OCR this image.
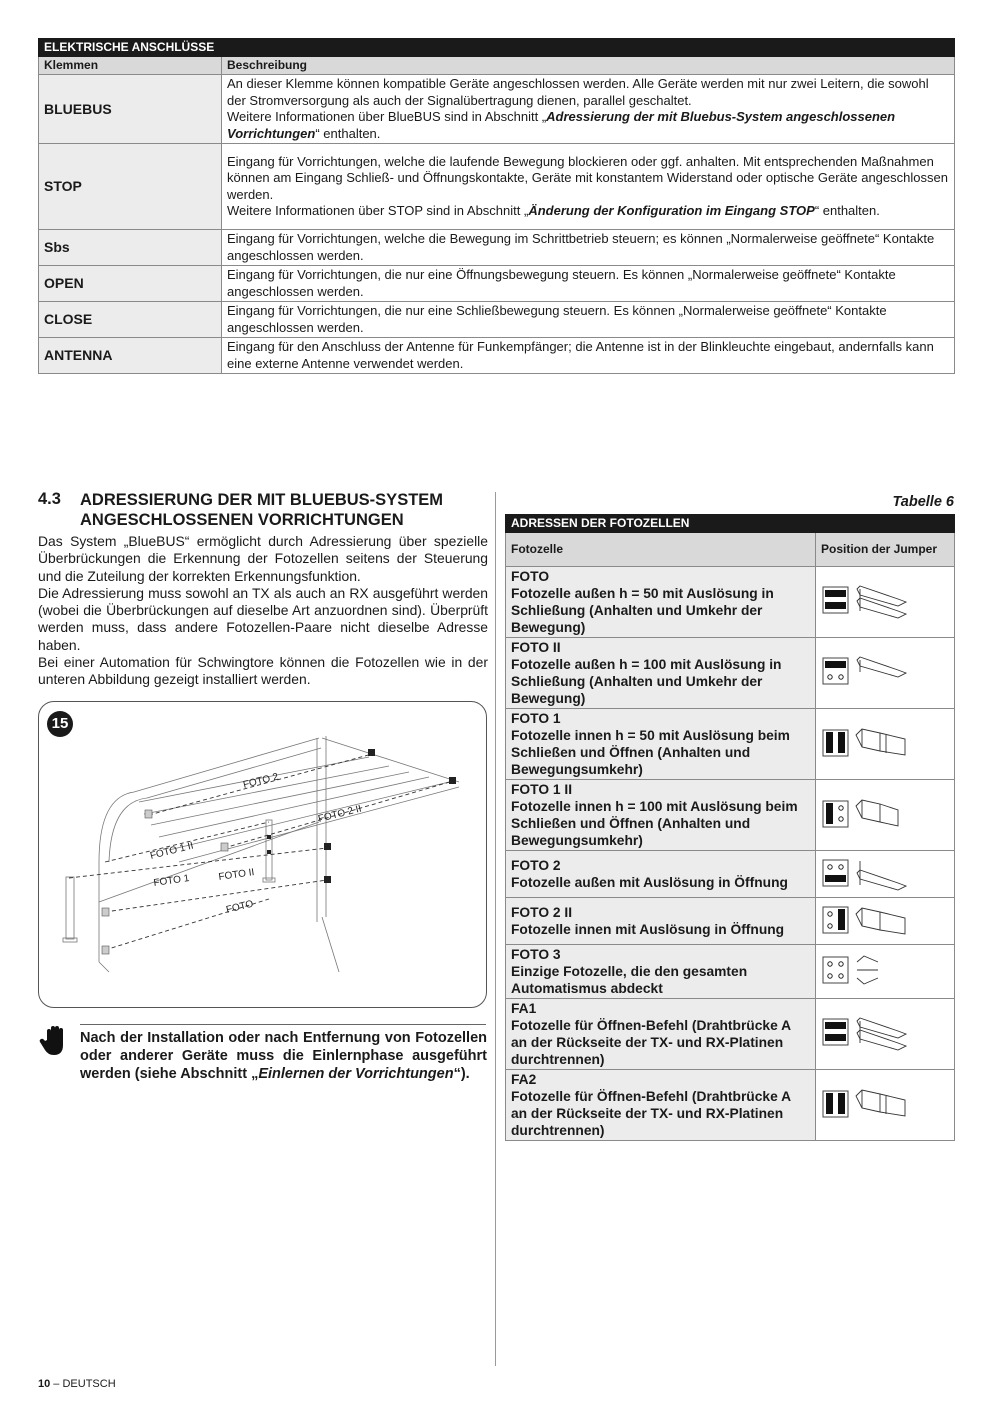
ELEKTRISCHE ANSCHLÜSSE	
Klemmen	Beschreibung
BLUEBUS	An dieser Klemme können kompatible Geräte angeschlossen werden. Alle Geräte werden mit nur zwei Leitern, die sowohl der Stromversorgung als auch der Signalübertragung dienen, parallel geschaltet.
Weitere Informationen über BlueBUS sind in Abschnitt „Adressierung der mit Bluebus-System angeschlossenen Vorrichtungen“ enthalten.
STOP	Eingang für Vorrichtungen, welche die laufende Bewegung blockieren oder ggf. anhalten. Mit entsprechenden Maßnahmen können am Eingang Schließ- und Öffnungskontakte, Geräte mit konstantem Widerstand oder optische Geräte angeschlossen werden.
Weitere Informationen über STOP sind in Abschnitt „Änderung der Konfiguration im Eingang STOP“ enthalten.
Sbs	Eingang für Vorrichtungen, welche die Bewegung im Schrittbetrieb steuern; es können „Normalerweise geöffnete“ Kontakte angeschlossen werden.
OPEN	Eingang für Vorrichtungen, die nur eine Öffnungsbewegung steuern. Es können „Normalerweise geöffnete“ Kontakte angeschlossen werden.
CLOSE	Eingang für Vorrichtungen, die nur eine Schließbewegung steuern. Es können „Normalerweise geöffnete“ Kontakte angeschlossen werden.
ANTENNA	Eingang für den Anschluss der Antenne für Funkempfänger; die Antenne ist in der Blinkleuchte eingebaut, andernfalls kann eine externe Antenne verwendet werden.
4.3 ADRESSIERUNG DER MIT BLUEBUS-SYSTEM ANGESCHLOSSENEN VORRICHTUNGEN

Das System „BlueBUS“ ermöglicht durch Adressierung über spezielle Überbrückungen die Erkennung der Fotozellen seitens der Steuerung und die Zuteilung der korrekten Erkennungsfunktion.

Die Adressierung muss sowohl an TX als auch an RX ausgeführt werden (wobei die Überbrückungen auf dieselbe Art anzuordnen sind). Überprüft werden muss, dass andere Fotozellen-Paare nicht dieselbe Adresse haben.

Bei einer Automation für Schwingtore können die Fotozellen wie in der unteren Abbildung gezeigt installiert werden.

FOTO 2
FOTO 2 II
FOTO 1 II
FOTO 1	FOTO II
FOTO
15
Nach der Installation oder nach Entfernung von Fotozellen oder anderer Geräte muss die Einlernphase ausgeführt werden (siehe Abschnitt „Einlernen der Vorrichtungen“).
Tabelle 6
ADRESSEN DER FOTOZELLEN	
Fotozelle	Position der Jumper

FOTO
Fotozelle außen h = 50 mit Auslösung in Schließung (Anhalten und Umkehr der Bewegung)

FOTO II
Fotozelle außen h = 100 mit Auslösung in Schließung (Anhalten und Umkehr der Bewegung)

FOTO 1
Fotozelle innen h = 50 mit Auslösung beim Schließen und Öffnen (Anhalten und Bewegungsumkehr)

FOTO 1 II
Fotozelle innen h = 100 mit Auslösung beim Schließen und Öffnen (Anhalten und Bewegungsumkehr)

FOTO 2
Fotozelle außen mit Auslösung in Öffnung

FOTO 2 II
Fotozelle innen mit Auslösung in Öffnung

FOTO 3
Einzige Fotozelle, die den gesamten Automatismus abdeckt

FA1
Fotozelle für Öffnen-Befehl (Drahtbrücke A an der Rückseite der TX- und RX-Platinen durchtrennen)

FA2
Fotozelle für Öffnen-Befehl (Drahtbrücke A an der Rückseite der TX- und RX-Platinen durchtrennen)

10 – DEUTSCH
